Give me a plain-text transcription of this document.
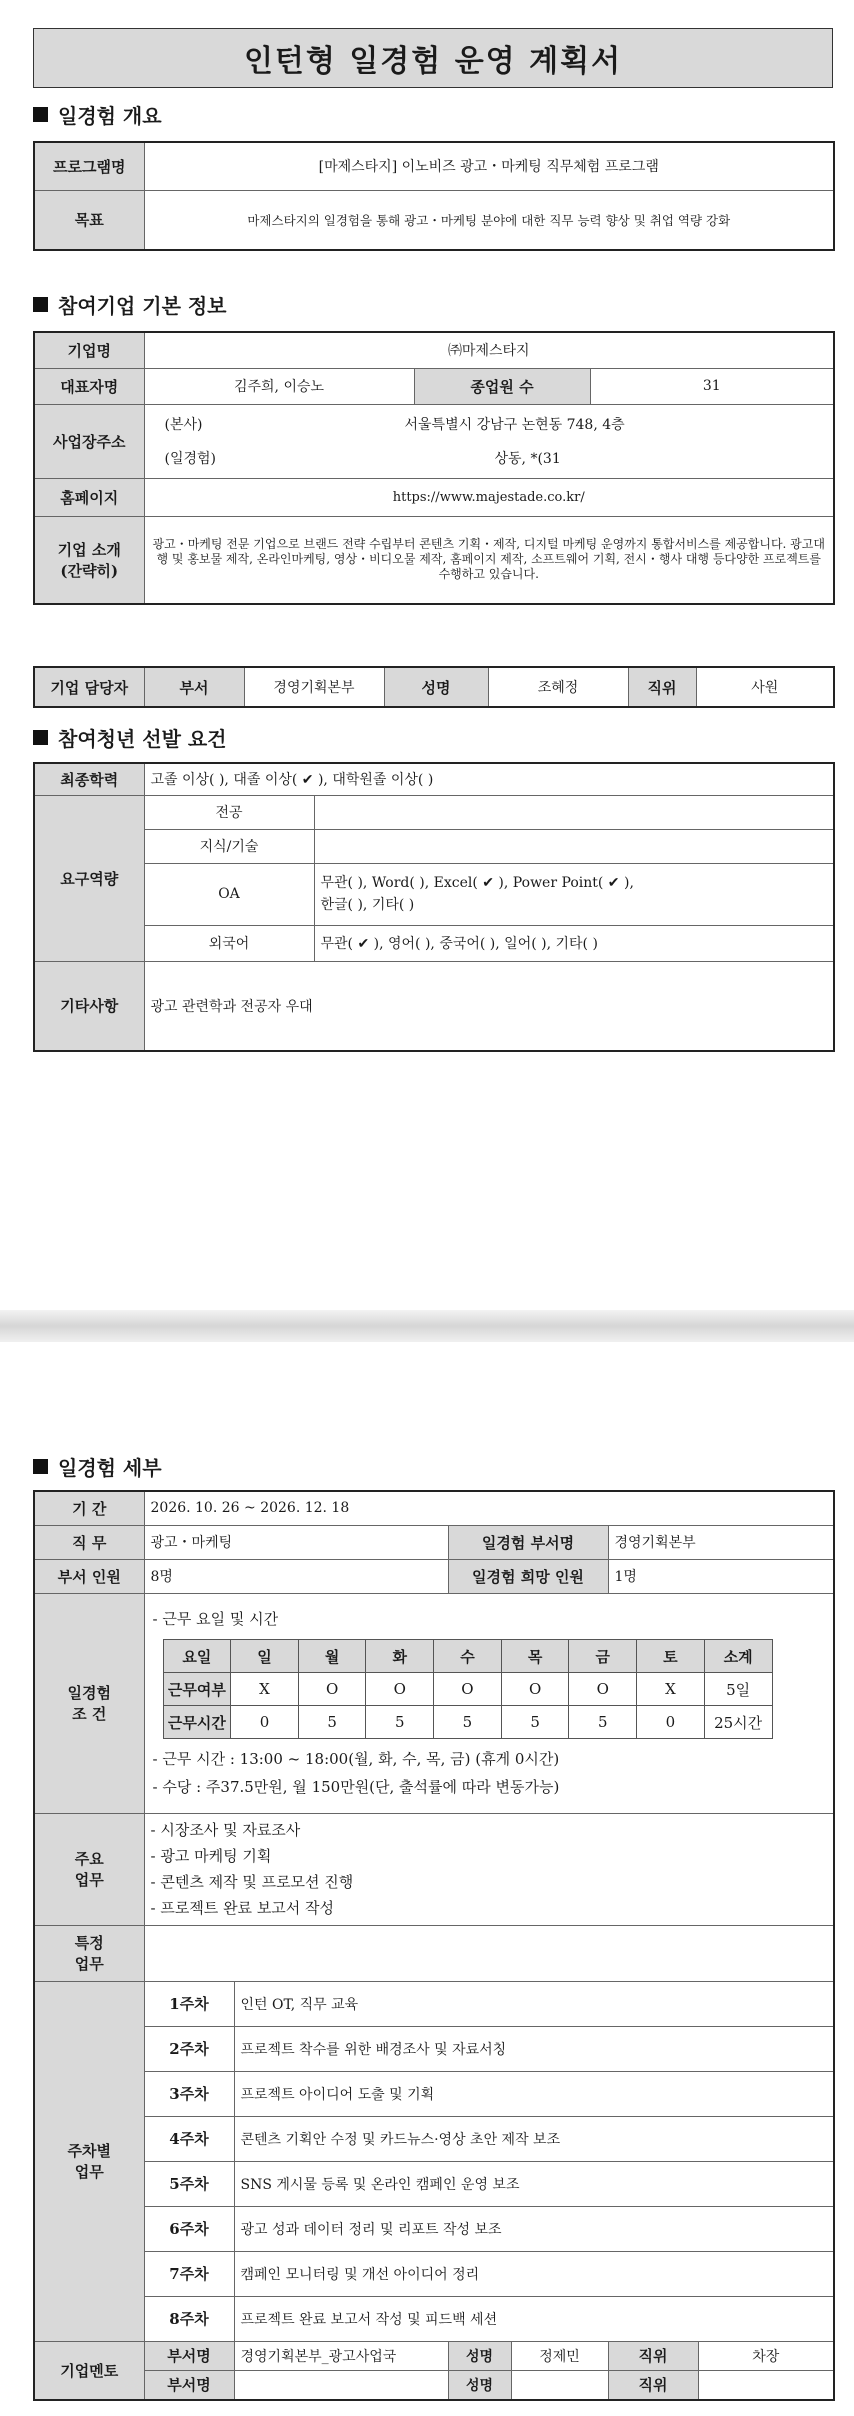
인턴형 일경험 운영 계획서
일경험 개요
프로그램명	[마제스타지] 이노비즈 광고・마케팅 직무체험 프로그램
목표	마제스타지의 일경험을 통해 광고・마케팅 분야에 대한 직무 능력 향상 및 취업 역량 강화
참여기업 기본 정보
기업명	㈜마제스타지		
대표자명	김주희, 이승노	종업원 수	31
사업장주소	(본사) 서울특별시 강남구 논현동 748, 4층
(일경험) 상동, *(31		

홈페이지	https://www.majestade.co.kr/		

기업 소개
(간략히)	광고・마케팅 전문 기업으로 브랜드 전략 수립부터 콘텐츠 기획・제작, 디지털 마케팅 운영까지 통합서비스를 제공합니다. 광고대행 및 홍보물 제작, 온라인마케팅, 영상・비디오물 제작, 홈페이지 제작, 소프트웨어 기획, 전시・행사 대행 등다양한 프로젝트를 수행하고 있습니다.		
기업 담당자	부서	경영기획본부	성명	조혜정	직위	사원
참여청년 선발 요건
최종학력	고졸 이상( ), 대졸 이상( ✔ ), 대학원졸 이상( )	
요구역량	전공	
	지식/기술	
	OA	무관( ), Word( ), Excel( ✔ ), Power Point( ✔ ),
한글( ), 기타( )

	외국어	무관( ✔ ), 영어( ), 중국어( ), 일어( ), 기타( )
기타사항	광고 관련학과 전공자 우대	
일경험 세부
기 간	2026. 10. 26 ~ 2026. 12. 18
직 무	광고・마케팅	일경험 부서명	경영기획본부
부서 인원	8명	일경험 희망 인원	1명

일경험
조 건

- 근무 요일 및 시간
요일	일	월	화	수	목	금	토	소계
근무여부	X	O	O	O	O	O	X	5일
근무시간	0	5	5	5	5	5	0	25시간
- 근무 시간 : 13:00 ~ 18:00(월, 화, 수, 목, 금) (휴게 0시간)
- 수당 : 주37.5만원, 월 150만원(단, 출석률에 따라 변동가능)

주요
업무

- 시장조사 및 자료조사
- 광고 마케팅 기획
- 콘텐츠 제작 및 프로모션 진행
- 프로젝트 완료 보고서 작성

특정
업무

주차별
업무
	1주차	인턴 OT, 직무 교육
2주차	프로젝트 착수를 위한 배경조사 및 자료서칭
3주차	프로젝트 아이디어 도출 및 기획
4주차	콘텐츠 기획안 수정 및 카드뉴스·영상 초안 제작 보조
5주차	SNS 게시물 등록 및 온라인 캠페인 운영 보조
6주차	광고 성과 데이터 정리 및 리포트 작성 보조
7주차	캠페인 모니터링 및 개선 아이디어 정리
8주차	프로젝트 완료 보고서 작성 및 피드백 세션
기업멘토	부서명	경영기획본부_광고사업국	성명	정제민	직위	차장
부서명		성명	직위	
